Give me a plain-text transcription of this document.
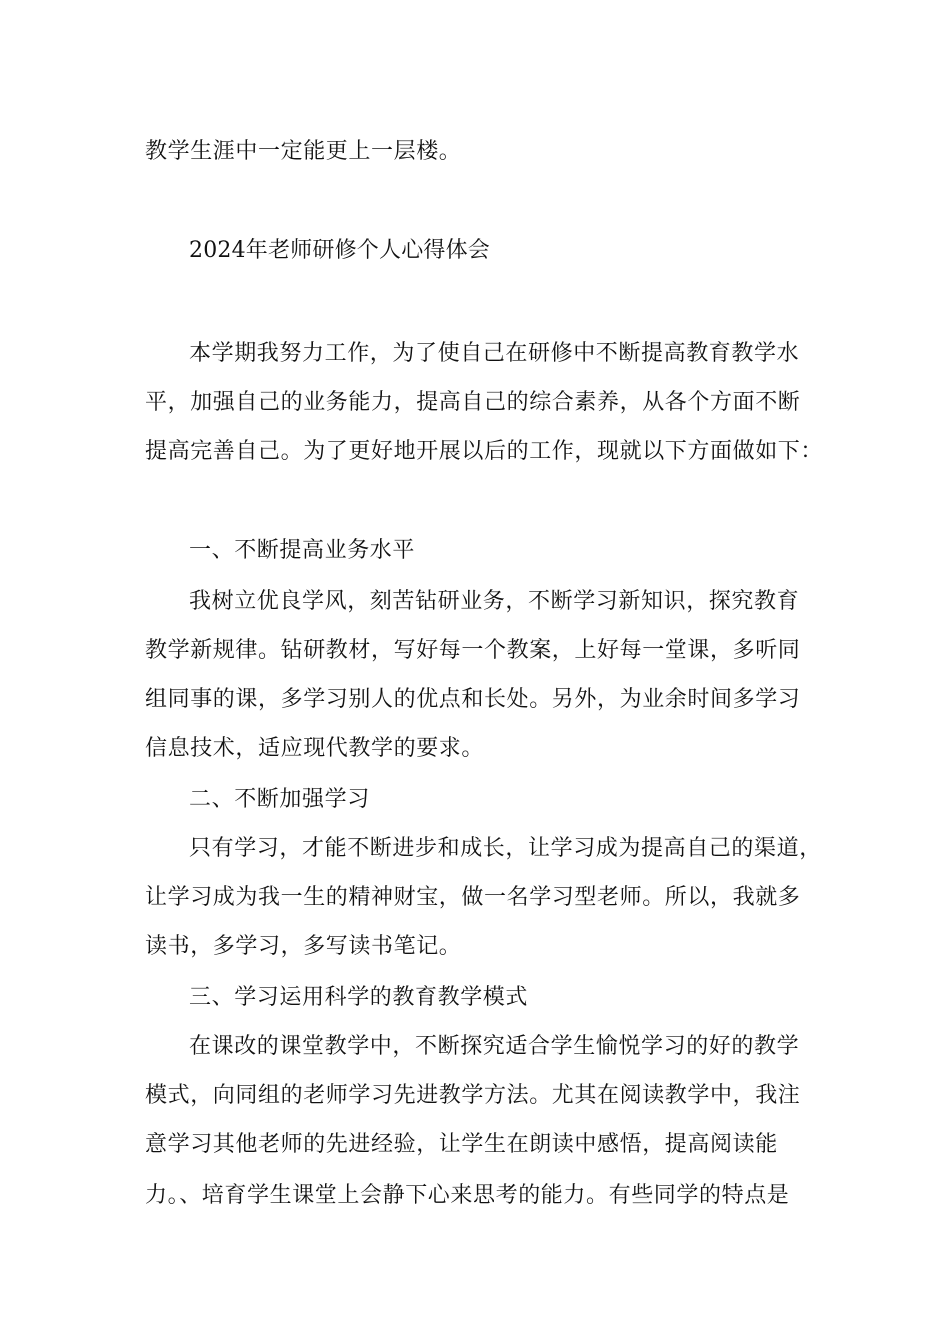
教学生涯中一定能更上一层楼。
2024年老师研修个人心得体会
本学期我努力工作，为了使自己在研修中不断提高教育教学水
平，加强自己的业务能力，提高自己的综合素养，从各个方面不断
提高完善自己。为了更好地开展以后的工作，现就以下方面做如下：
一、不断提高业务水平
我树立优良学风，刻苦钻研业务，不断学习新知识，探究教育
教学新规律。钻研教材，写好每一个教案，上好每一堂课，多听同
组同事的课，多学习别人的优点和长处。另外，为业余时间多学习
信息技术，适应现代教学的要求。
二、不断加强学习
只有学习，才能不断进步和成长，让学习成为提高自己的渠道，
让学习成为我一生的精神财宝，做一名学习型老师。所以，我就多
读书，多学习，多写读书笔记。
三、学习运用科学的教育教学模式
在课改的课堂教学中，不断探究适合学生愉悦学习的好的教学
模式，向同组的老师学习先进教学方法。尤其在阅读教学中，我注
意学习其他老师的先进经验，让学生在朗读中感悟，提高阅读能
力。、培育学生课堂上会静下心来思考的能力。有些同学的特点是
